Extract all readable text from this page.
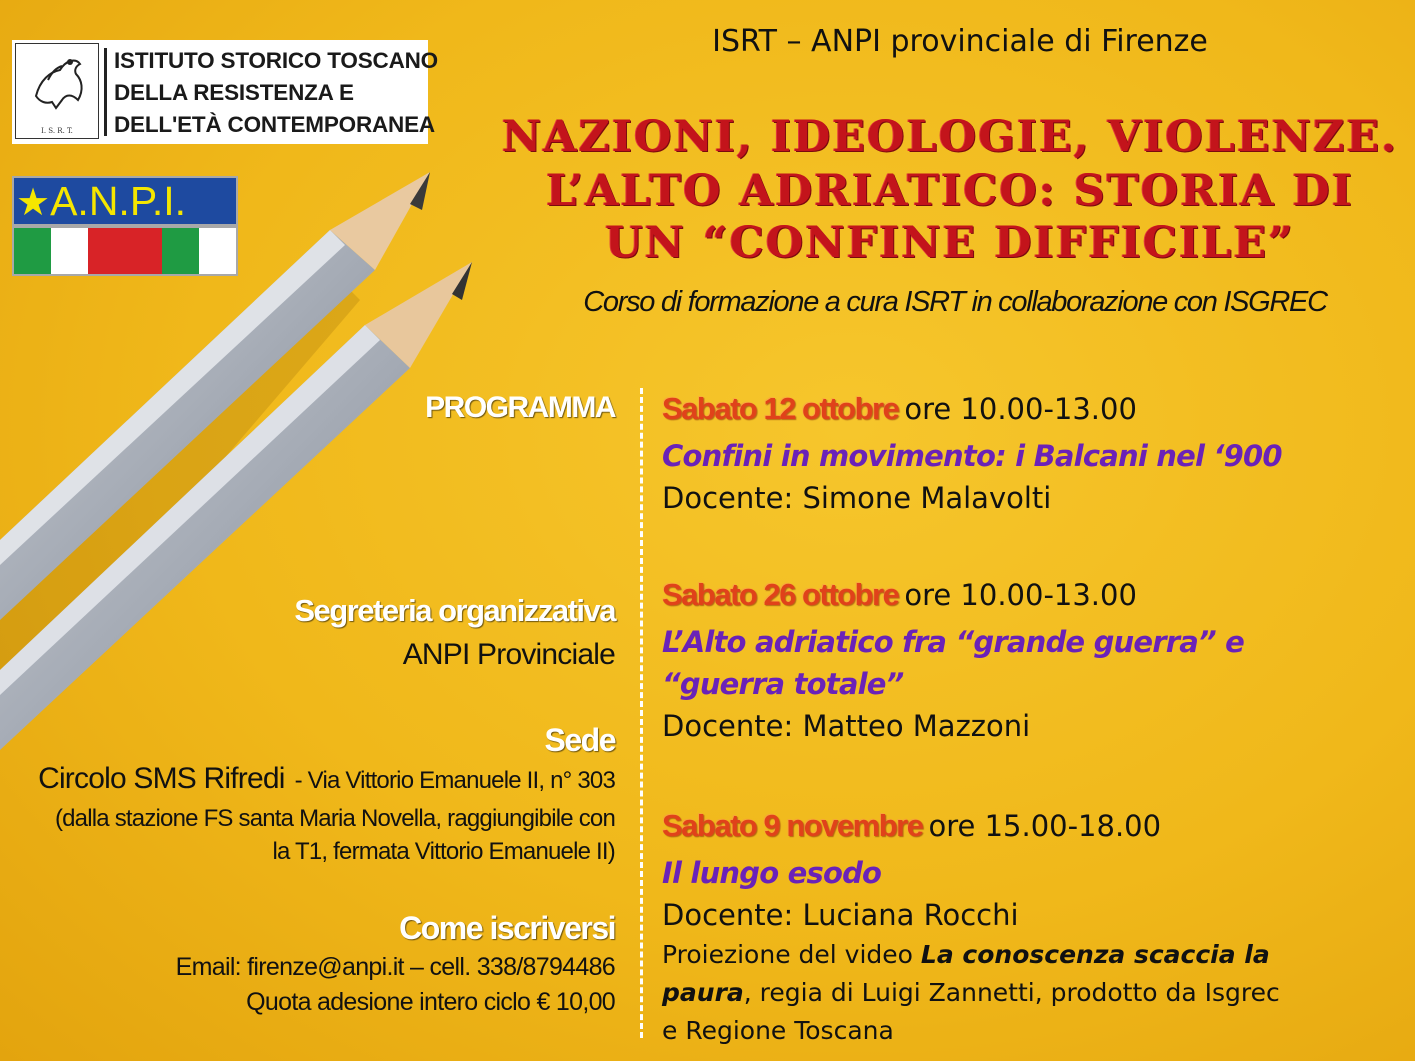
I. S. R. T.
ISTITUTO STORICO TOSCANO
DELLA RESISTENZA E
DELL'ETÀ CONTEMPORANEA
★A.N.P.I.
ISRT – ANPI provinciale di Firenze
NAZIONI, IDEOLOGIE, VIOLENZE.
L’ALTO ADRIATICO: STORIA DI
UN “CONFINE DIFFICILE”
Corso di formazione a cura ISRT in collaborazione con ISGREC
PROGRAMMA
Segreteria organizzativa
ANPI Provinciale
Sede
Circolo SMS Rifredi - Via Vittorio Emanuele II, n° 303
(dalla stazione FS santa Maria Novella, raggiungibile con
la T1, fermata Vittorio Emanuele II)
Come iscriversi
Email: firenze@anpi.it – cell. 338/8794486
Quota adesione intero ciclo € 10,00
Sabato 12 ottobre ore 10.00-13.00
Confini in movimento: i Balcani nel ‘900
Docente: Simone Malavolti
Sabato 26 ottobre ore 10.00-13.00
L’Alto adriatico fra “grande guerra” e
“guerra totale”
Docente: Matteo Mazzoni
Sabato 9 novembre ore 15.00-18.00
Il lungo esodo
Docente: Luciana Rocchi
Proiezione del video La conoscenza scaccia la
paura, regia di Luigi Zannetti, prodotto da Isgrec
e Regione Toscana
